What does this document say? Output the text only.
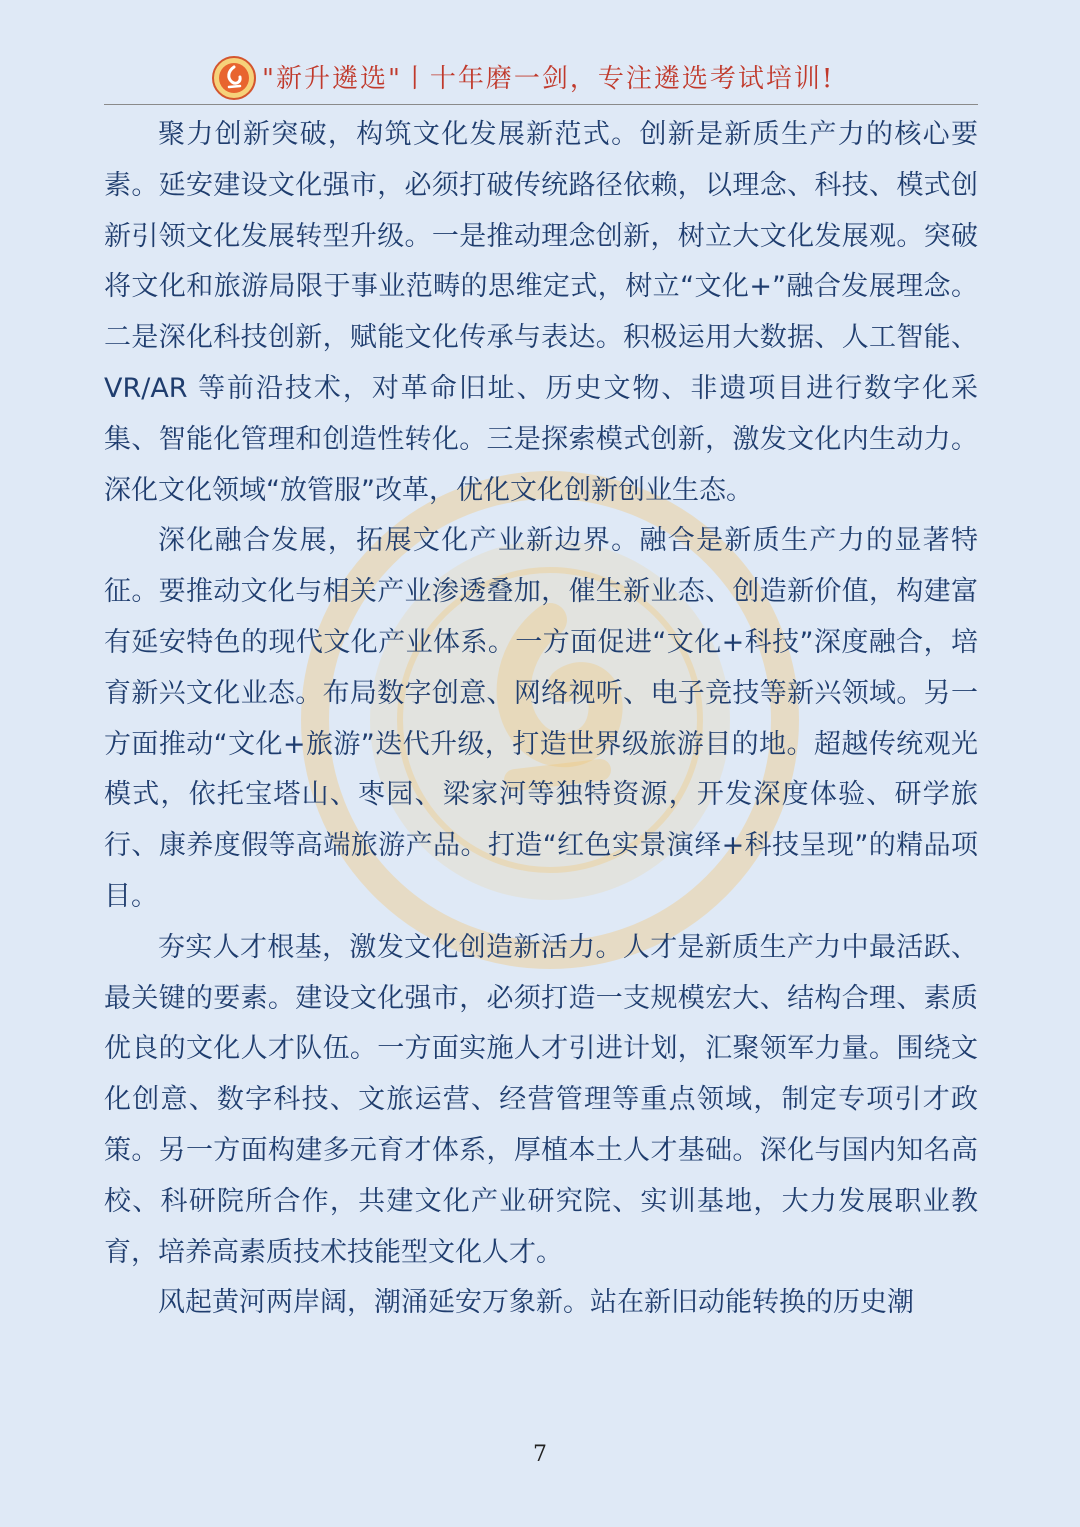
"新升遴选"丨十年磨一剑，专注遴选考试培训!

聚力创新突破，构筑文化发展新范式。创新是新质生产力的核心要素。延安建设文化强市，必须打破传统路径依赖，以理念、科技、模式创新引领文化发展转型升级。一是推动理念创新，树立大文化发展观。突破将文化和旅游局限于事业范畴的思维定式，树立“文化+”融合发展理念。二是深化科技创新，赋能文化传承与表达。积极运用大数据、人工智能、VR/AR 等前沿技术，对革命旧址、历史文物、非遗项目进行数字化采集、智能化管理和创造性转化。三是探索模式创新，激发文化内生动力。深化文化领域“放管服”改革，优化文化创新创业生态。

深化融合发展，拓展文化产业新边界。融合是新质生产力的显著特征。要推动文化与相关产业渗透叠加，催生新业态、创造新价值，构建富有延安特色的现代文化产业体系。一方面促进“文化+科技”深度融合，培育新兴文化业态。布局数字创意、网络视听、电子竞技等新兴领域。另一方面推动“文化+旅游”迭代升级，打造世界级旅游目的地。超越传统观光模式，依托宝塔山、枣园、梁家河等独特资源，开发深度体验、研学旅行、康养度假等高端旅游产品。打造“红色实景演绎+科技呈现”的精品项目。

夯实人才根基，激发文化创造新活力。人才是新质生产力中最活跃、最关键的要素。建设文化强市，必须打造一支规模宏大、结构合理、素质优良的文化人才队伍。一方面实施人才引进计划，汇聚领军力量。围绕文化创意、数字科技、文旅运营、经营管理等重点领域，制定专项引才政策。另一方面构建多元育才体系，厚植本土人才基础。深化与国内知名高校、科研院所合作，共建文化产业研究院、实训基地，大力发展职业教育，培养高素质技术技能型文化人才。

风起黄河两岸阔，潮涌延安万象新。站在新旧动能转换的历史潮

7
